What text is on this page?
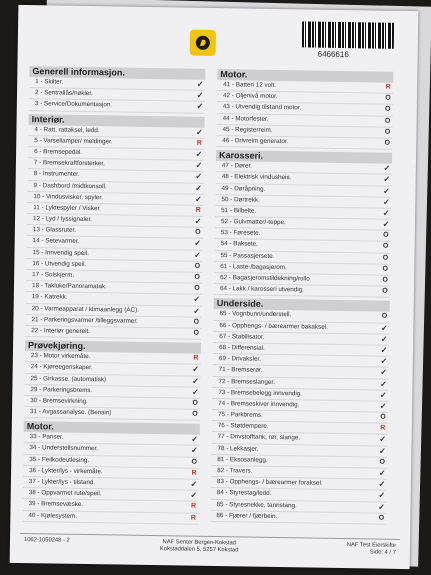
6466616
Generell informasjon.
1 - Skilter.	✓
2 - Sentrallås/nøkler.	✓
3 - Service/Dokumentasjon.	✓
Interiør.
4 - Ratt, rattaksel, ledd.	✓
5 - Varsellamper/ meldinger.	R
6 - Bremsepedal.	✓
7 - Bremsekraftforsterker.	✓
8 - Instrumenter.	✓
9 - Dashbord /midtkonsoll.	✓
10 - Vindusvisker, spyler.	✓
11 - Lyktespyler / Visker.	R
12 - Lyd / lyssignaler.	✓
13 - Glassruter.	O
14 - Setevarmer.	✓
15 - Innvendig speil.	✓
16 - Utvendig speil.	O
17 - Solskjerm.	O
18 - Takluke/Panoramatak.	O
19 - Katrekk.	✓
20 - Varmeapparat / klimaanlegg (AC).	✓
21 - Parkeringsvarmer /tilleggsvarmer.	O
22 - Interiør generelt.	O
Prøvekjøring.
23 - Motor virkemåte.	R
24 - Kjøreegenskaper.	✓
25 - Girkasse. (automatisk)	✓
29 - Parkeringsbrems.	✓
30 - Bremsevirkning.	O
31 - Avgassanalyse. (Bensin)	O
Motor.
33 - Panser.	✓
34 - Understellsnummer.	✓
35 - Feilkodeutlesing.	O
36 - Lykter/lys - virkemåte.	R
37 - Lykter/lys - tilstand.	✓
38 - Oppvarmet rute/speil.	✓
39 - Bremsevæske.	R
40 - Kjølesystem.	R
Motor.
41 - Batteri 12 volt.	R
42 - Oljenivå motor.	O
43 - Utvendig tilstand motor.	O
44 - Motorfester.	O
45 - Registerreim.	O
46 - Drivreim generator.	O
Karosseri.
47 - Dører.	✓
48 - Elektrisk vindusheis.	✓
49 - Døråpning.	✓
50 - Dørtrekk.	✓
51 - Bilbelte.	✓
52 - Gulvmatter/-teppe.	✓
53 - Føresete.	O
54 - Baksete.	O
55 - Passasjersete.	O
61 - Laste-/bagasjerom.	O
62 - Bagasjeromstildekning/rollo	O
64 - Lakk / karosseri utvendig.	O
Underside.
65 - Vognbunn/understell.	O
66 - Opphengs- / bærearmer bakaksel.	✓
67 - Stabilisator.	✓
68 - Differensial.	✓
69 - Drivaksler.	✓
71 - Bremserør.	✓
72 - Bremseslanger.	✓
73 - Bremsebelegg innvendig.	✓
74 - Bremseskiver innvendig.	✓
75 - Parkbrems.	O
76 - Støtdempere.	R
77 - Drivstofftank, rør, slange.	✓
78 - Lekkasjer.	✓
81 - Eksosanlegg.	O
82 - Travers.	✓
83 - Opphengs- / bærearmer foraksel.	✓
84 - Styrestag/ledd.	✓
85 - Styresnekke, tannstang.	✓
86 - Fjærer / fjærbein.	O
1062-1050248 - 2	NAF Senter Bergen-Kokstad
Kokstaddalen 5, 5257 Kokstad
NAF Test Eierskifte
Side: 4 / 7
